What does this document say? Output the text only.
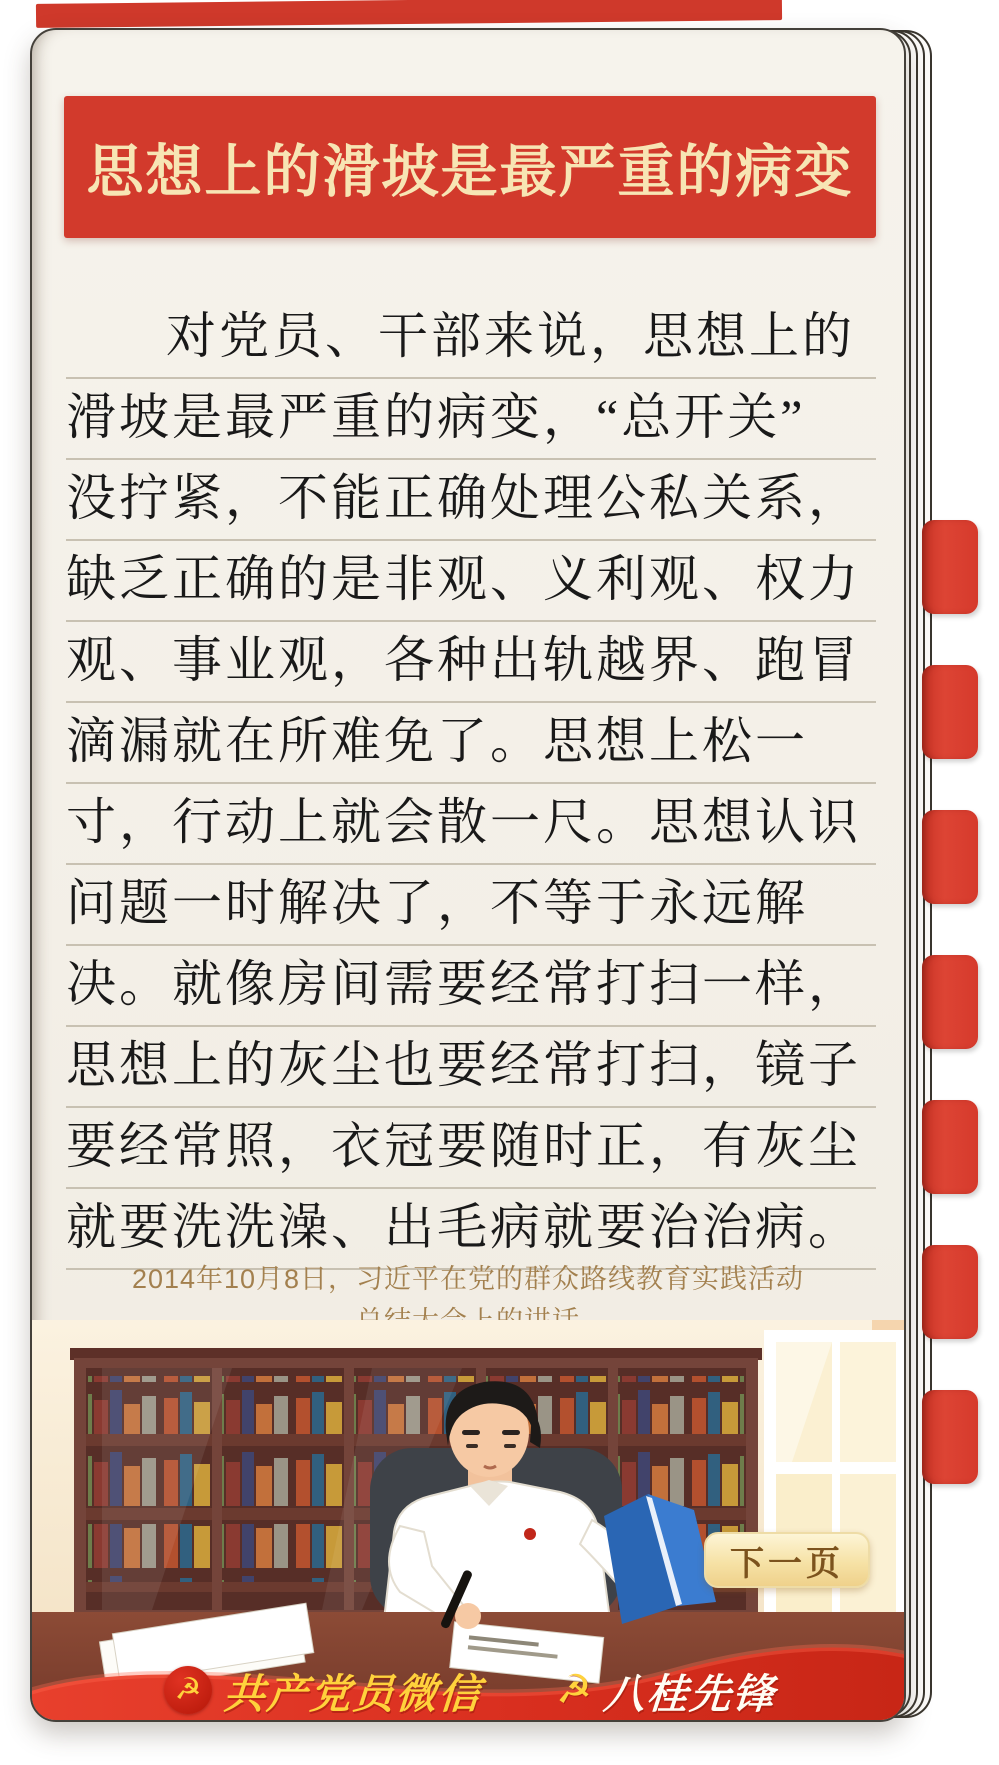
思想上的滑坡是最严重的病变
对党员、干部来说，思想上的
滑坡是最严重的病变，“总开关”
没拧紧，不能正确处理公私关系，
缺乏正确的是非观、义利观、权力
观、事业观，各种出轨越界、跑冒
滴漏就在所难免了。思想上松一
寸，行动上就会散一尺。思想认识
问题一时解决了，不等于永远解
决。就像房间需要经常打扫一样，
思想上的灰尘也要经常打扫，镜子
要经常照，衣冠要随时正，有灰尘
就要洗洗澡、出毛病就要治治病。
2014年10月8日，习近平在党的群众路线教育实践活动
下一页
☭ 共产党员微信 ☭ 八桂先锋
